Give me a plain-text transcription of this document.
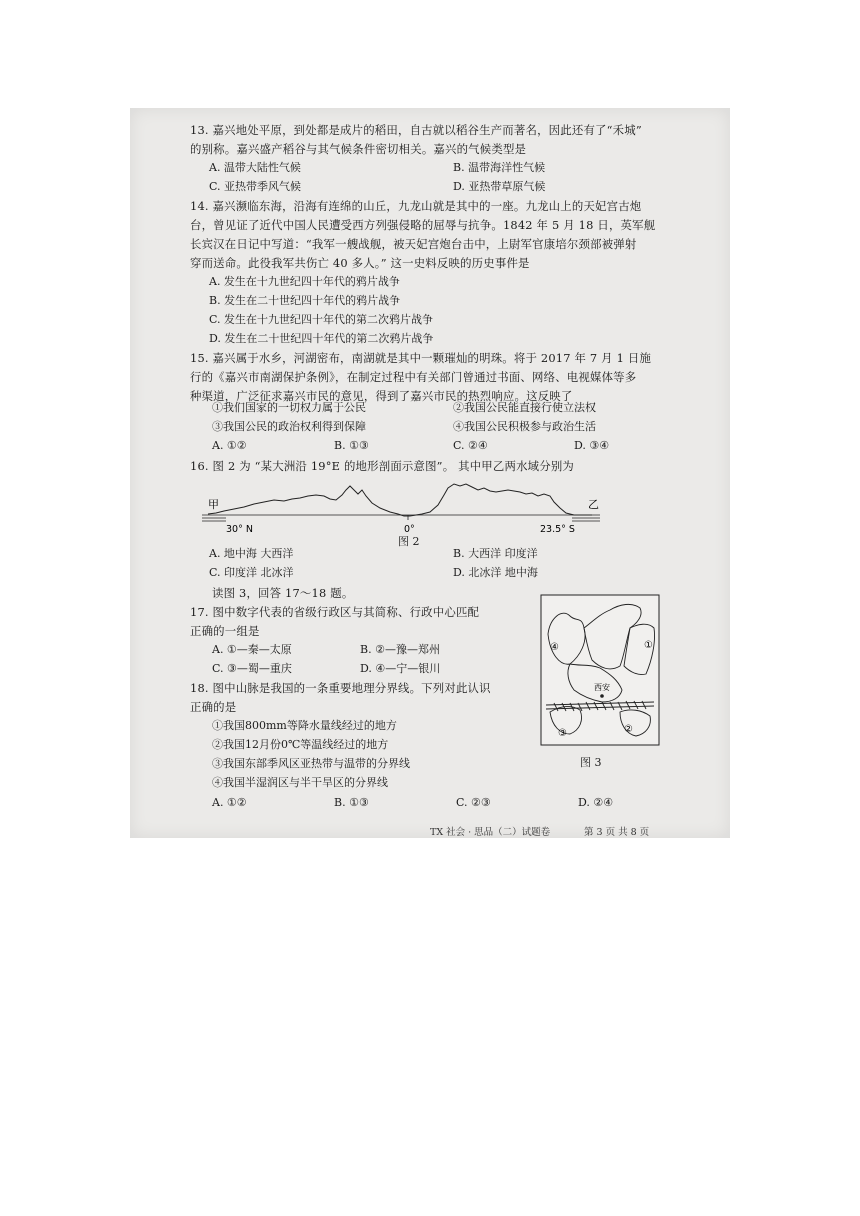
13. 嘉兴地处平原，到处都是成片的稻田，自古就以稻谷生产而著名，因此还有了“禾城”
的别称。嘉兴盛产稻谷与其气候条件密切相关。嘉兴的气候类型是
A. 温带大陆性气候	B. 温带海洋性气候
C. 亚热带季风气候	D. 亚热带草原气候
14. 嘉兴濒临东海，沿海有连绵的山丘，九龙山就是其中的一座。九龙山上的天妃宫古炮
台，曾见证了近代中国人民遭受西方列强侵略的屈辱与抗争。1842 年 5 月 18 日，英军舰
长宾汉在日记中写道：“我军一艘战舰，被天妃宫炮台击中，上尉军官康培尔颈部被弹射
穿而送命。此役我军共伤亡 40 多人。” 这一史料反映的历史事件是
A. 发生在十九世纪四十年代的鸦片战争
B. 发生在二十世纪四十年代的鸦片战争
C. 发生在十九世纪四十年代的第二次鸦片战争
D. 发生在二十世纪四十年代的第二次鸦片战争
15. 嘉兴属于水乡，河湖密布，南湖就是其中一颗璀灿的明珠。将于 2017 年 7 月 1 日施
行的《嘉兴市南湖保护条例》，在制定过程中有关部门曾通过书面、网络、电视媒体等多
种渠道，广泛征求嘉兴市民的意见，得到了嘉兴市民的热烈响应。这反映了
①我们国家的一切权力属于公民	②我国公民能直接行使立法权
③我国公民的政治权利得到保障	④我国公民积极参与政治生活
A. ①②	B. ①③	C. ②④	D. ③④
16. 图 2 为 “某大洲沿 19°E 的地形剖面示意图”。 其中甲乙两水域分别为
甲	乙
30° N	0°	23.5° S
图 2
A. 地中海 大西洋	B. 大西洋 印度洋
C. 印度洋 北冰洋	D. 北冰洋 地中海
读图 3，回答 17～18 题。
17. 图中数字代表的省级行政区与其简称、行政中心匹配
正确的一组是
A. ①—秦—太原	B. ②—豫—郑州
C. ③—蜀—重庆	D. ④—宁—银川
18. 图中山脉是我国的一条重要地理分界线。下列对此认识
正确的是
①我国800mm等降水量线经过的地方
②我国12月份0℃等温线经过的地方
③我国东部季风区亚热带与温带的分界线
④我国半湿润区与半干旱区的分界线
A. ①②	B. ①③	C. ②③	D. ②④
西安
①
②
③
④
图 3
TX 社会 · 思品（二）试题卷	第 3 页 共 8 页
